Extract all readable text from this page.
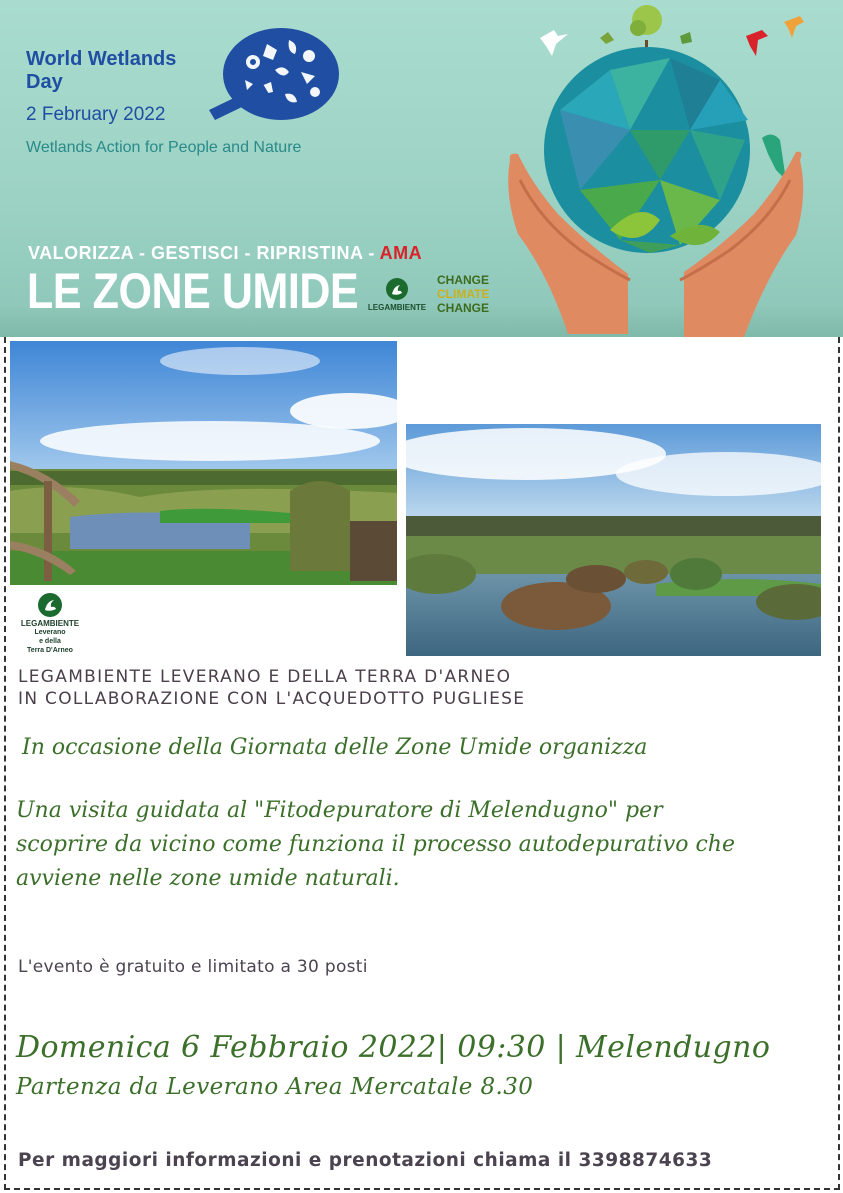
World Wetlands Day
2 February 2022
Wetlands Action for People and Nature
VALORIZZA - GESTISCI - RIPRISTINA - AMA
LE ZONE UMIDE LEGAMBIENTE
CHANGE
CLIMATE
CHANGE
LEGAMBIENTE
Leverano
e della
Terra D'Arneo
LEGAMBIENTE LEVERANO E DELLA TERRA D'ARNEO
IN COLLABORAZIONE CON L'ACQUEDOTTO PUGLIESE
In occasione della Giornata delle Zone Umide organizza
Una visita guidata al "Fitodepuratore di Melendugno" per
scoprire da vicino come funziona il processo autodepurativo che
avviene nelle zone umide naturali.
L'evento è gratuito e limitato a 30 posti
Domenica 6 Febbraio 2022| 09:30 | Melendugno
Partenza da Leverano Area Mercatale 8.30
Per maggiori informazioni e prenotazioni chiama il 3398874633
